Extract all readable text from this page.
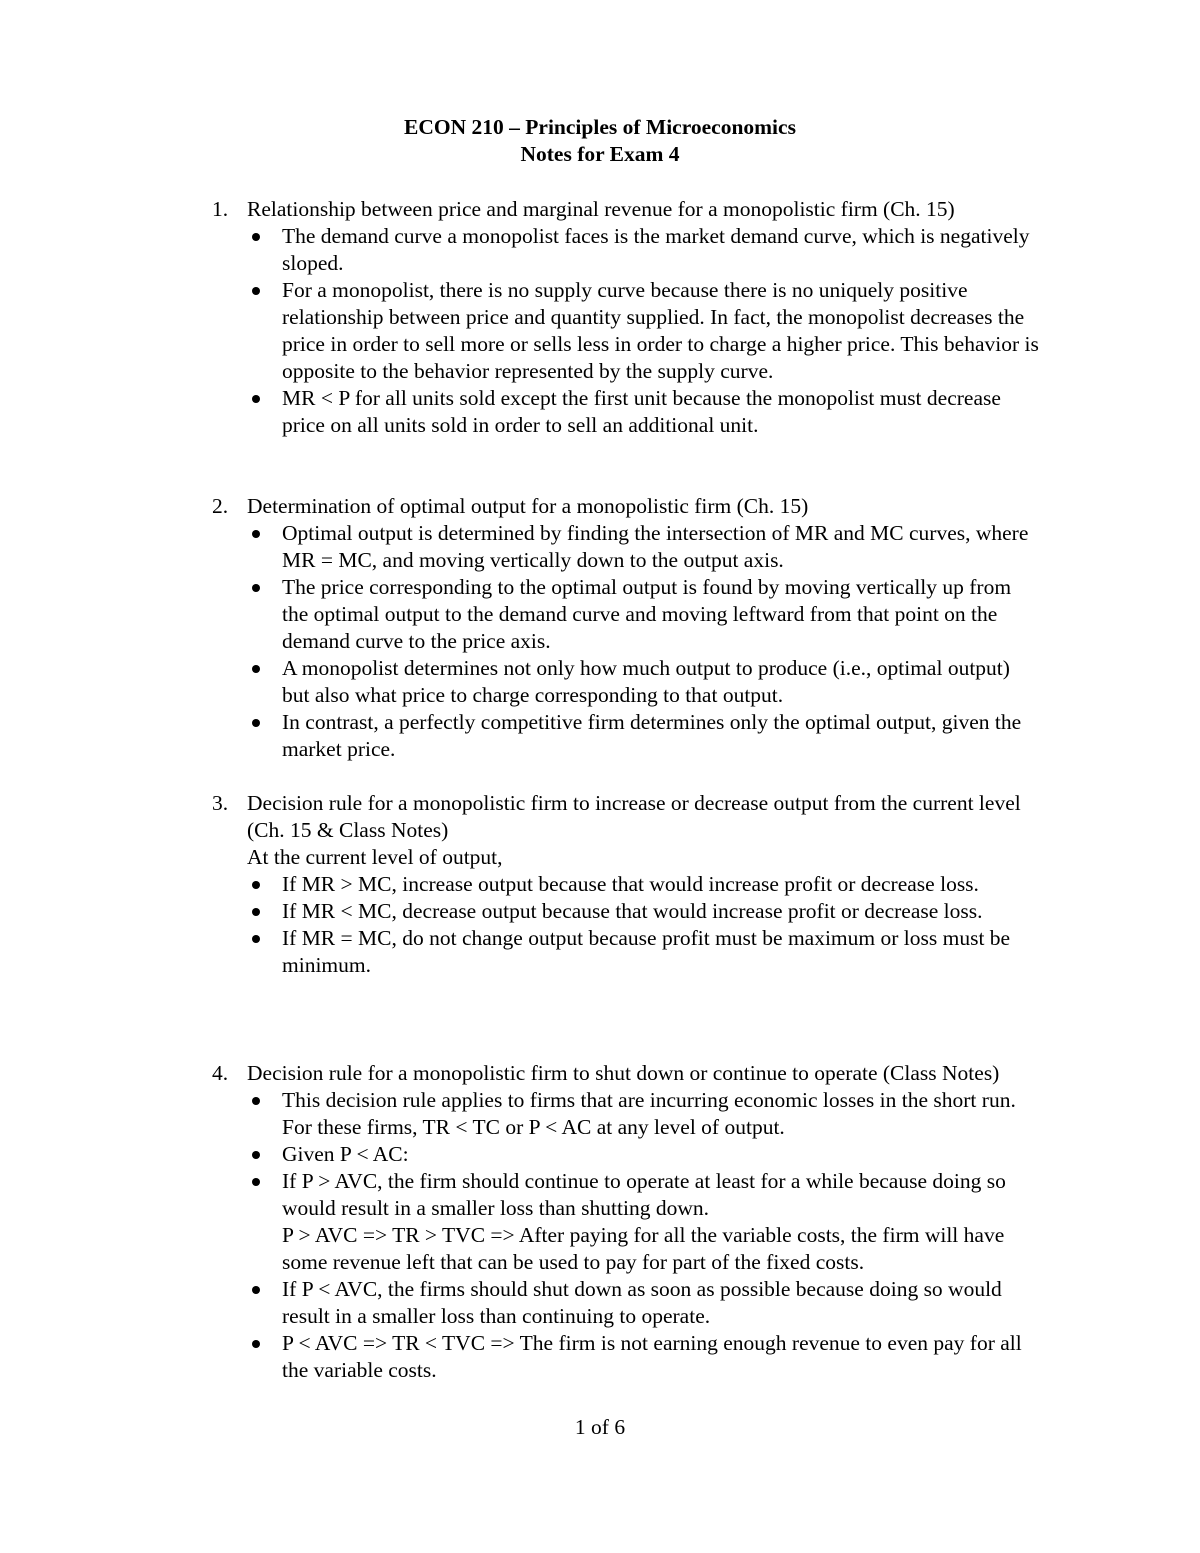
ECON 210 – Principles of Microeconomics
Notes for Exam 4
1. Relationship between price and marginal revenue for a monopolistic firm (Ch. 15)
The demand curve a monopolist faces is the market demand curve, which is negatively sloped.
For a monopolist, there is no supply curve because there is no uniquely positive relationship between price and quantity supplied. In fact, the monopolist decreases the price in order to sell more or sells less in order to charge a higher price. This behavior is opposite to the behavior represented by the supply curve.
MR < P for all units sold except the first unit because the monopolist must decrease price on all units sold in order to sell an additional unit.
2. Determination of optimal output for a monopolistic firm (Ch. 15)
Optimal output is determined by finding the intersection of MR and MC curves, where MR = MC, and moving vertically down to the output axis.
The price corresponding to the optimal output is found by moving vertically up from the optimal output to the demand curve and moving leftward from that point on the demand curve to the price axis.
A monopolist determines not only how much output to produce (i.e., optimal output) but also what price to charge corresponding to that output.
In contrast, a perfectly competitive firm determines only the optimal output, given the market price.
3. Decision rule for a monopolistic firm to increase or decrease output from the current level (Ch. 15 & Class Notes)
At the current level of output,
If MR > MC, increase output because that would increase profit or decrease loss.
If MR < MC, decrease output because that would increase profit or decrease loss.
If MR = MC, do not change output because profit must be maximum or loss must be minimum.
4. Decision rule for a monopolistic firm to shut down or continue to operate (Class Notes)
This decision rule applies to firms that are incurring economic losses in the short run. For these firms, TR < TC or P < AC at any level of output.
Given P < AC:
If P > AVC, the firm should continue to operate at least for a while because doing so would result in a smaller loss than shutting down.
P > AVC => TR > TVC => After paying for all the variable costs, the firm will have some revenue left that can be used to pay for part of the fixed costs.
If P < AVC, the firms should shut down as soon as possible because doing so would result in a smaller loss than continuing to operate.
P < AVC => TR < TVC => The firm is not earning enough revenue to even pay for all the variable costs.
1 of 6
